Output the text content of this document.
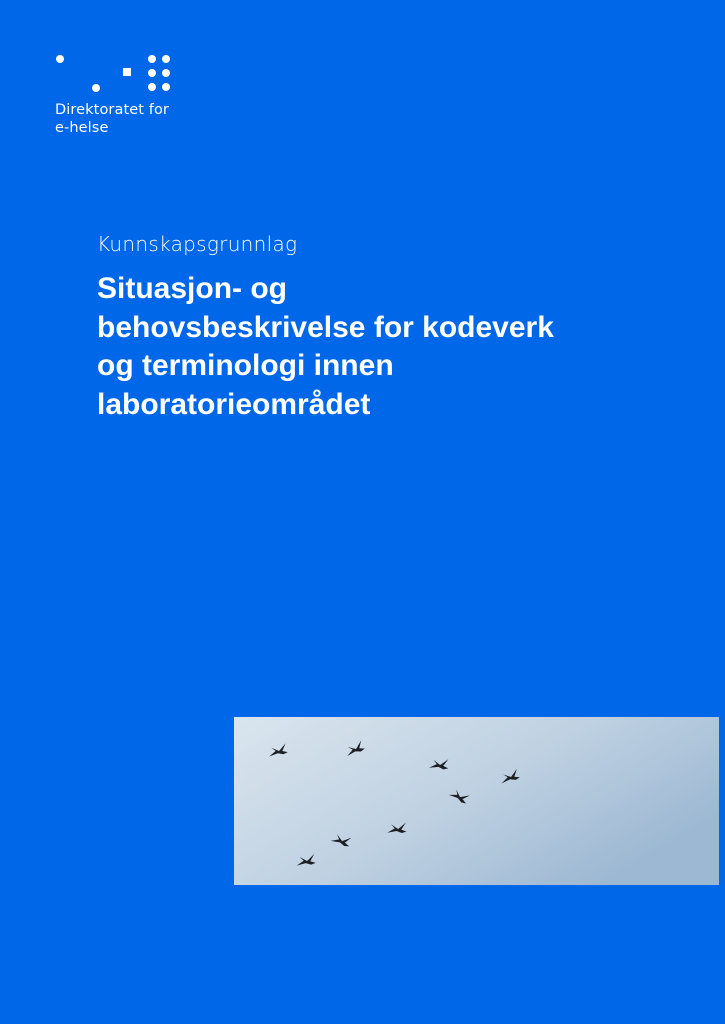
Direktoratet for
e-helse
Kunnskapsgrunnlag
Situasjon- og
behovsbeskrivelse for kodeverk
og terminologi innen
laboratorieområdet
